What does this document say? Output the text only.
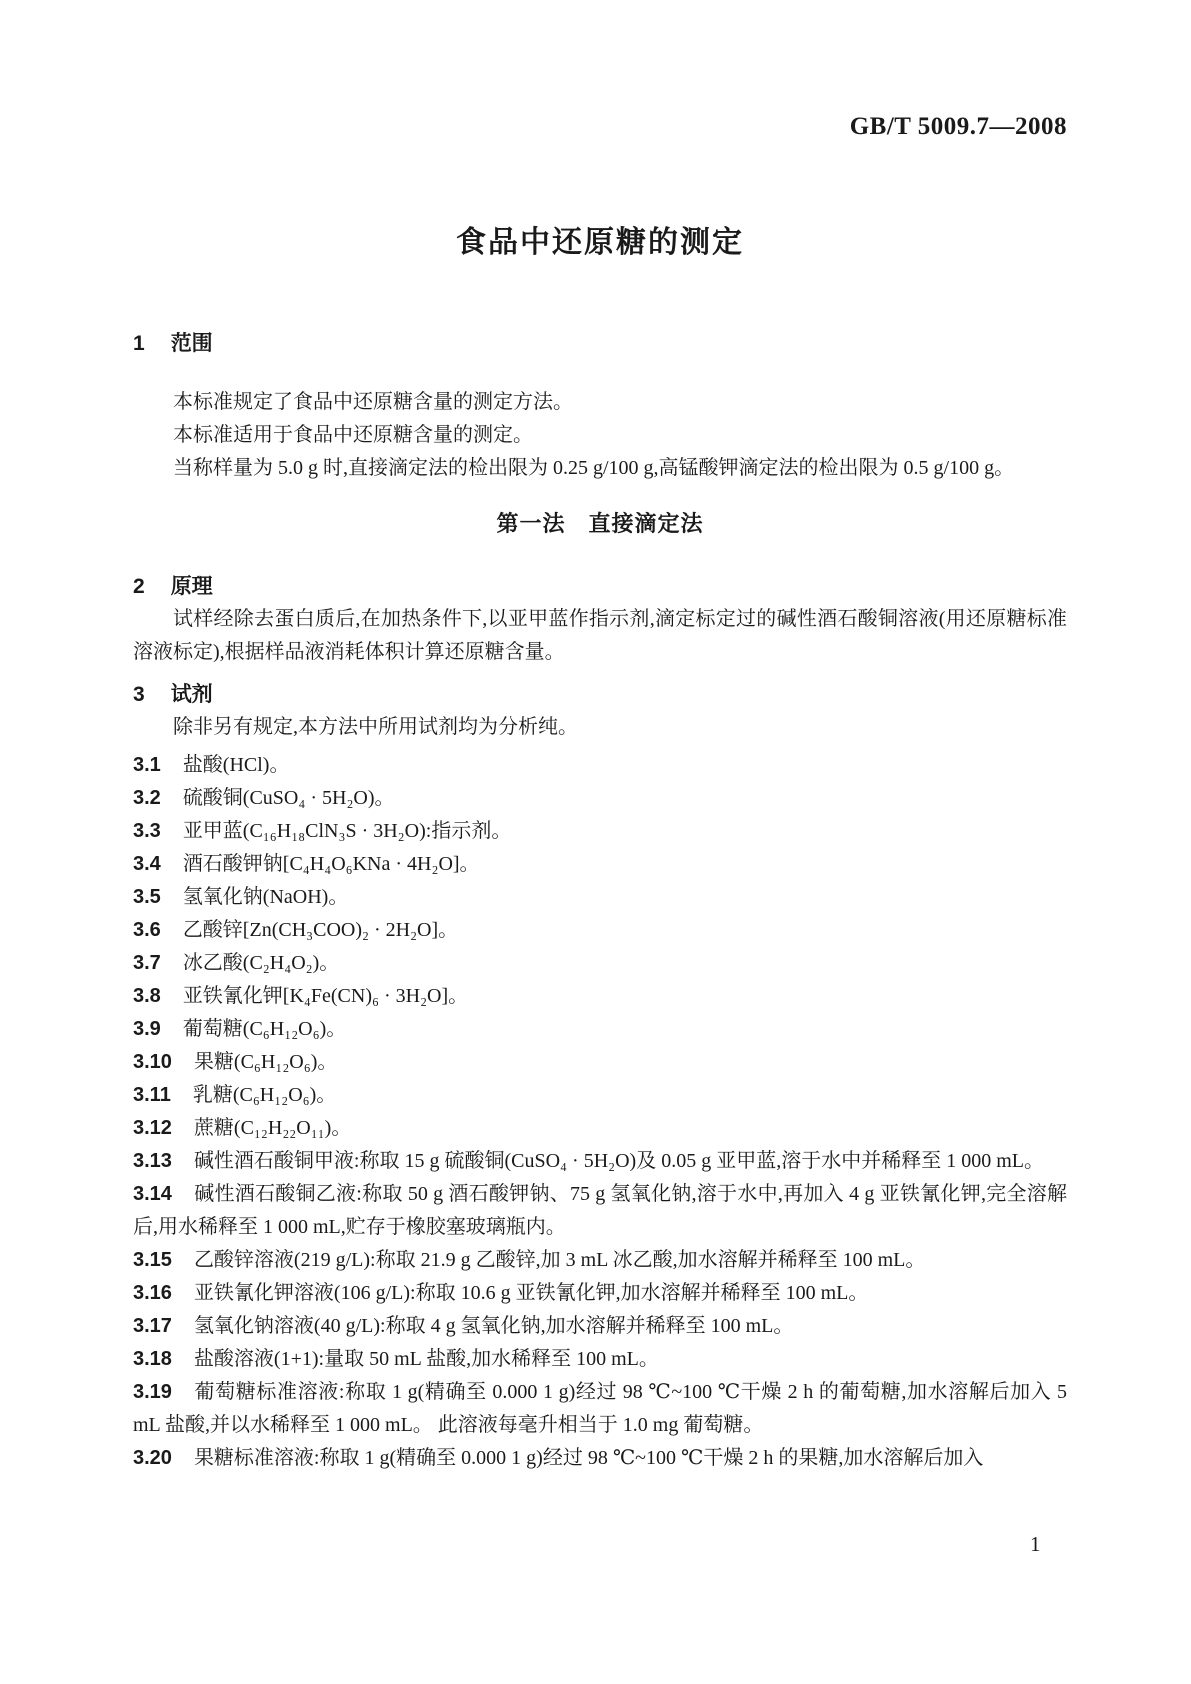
GB/T 5009.7—2008
食品中还原糖的测定
1 范围

本标准规定了食品中还原糖含量的测定方法。

本标准适用于食品中还原糖含量的测定。

当称样量为 5.0 g 时,直接滴定法的检出限为 0.25 g/100 g,高锰酸钾滴定法的检出限为 0.5 g/100 g。

第一法　直接滴定法
2 原理

试样经除去蛋白质后,在加热条件下,以亚甲蓝作指示剂,滴定标定过的碱性酒石酸铜溶液(用还原糖标准溶液标定),根据样品液消耗体积计算还原糖含量。

3 试剂

除非另有规定,本方法中所用试剂均为分析纯。

3.1 盐酸(HCl)。
3.2 硫酸铜(CuSO₄ · 5H₂O)。
3.3 亚甲蓝(C₁₆H₁₈ClN₃S · 3H₂O):指示剂。
3.4 酒石酸钾钠[C₄H₄O₆KNa · 4H₂O]。
3.5 氢氧化钠(NaOH)。
3.6 乙酸锌[Zn(CH₃COO)₂ · 2H₂O]。
3.7 冰乙酸(C₂H₄O₂)。
3.8 亚铁氰化钾[K₄Fe(CN)₆ · 3H₂O]。
3.9 葡萄糖(C₆H₁₂O₆)。
3.10 果糖(C₆H₁₂O₆)。
3.11 乳糖(C₆H₁₂O₆)。
3.12 蔗糖(C₁₂H₂₂O₁₁)。
3.13 碱性酒石酸铜甲液:称取 15 g 硫酸铜(CuSO₄ · 5H₂O)及 0.05 g 亚甲蓝,溶于水中并稀释至 1 000 mL。
3.14 碱性酒石酸铜乙液:称取 50 g 酒石酸钾钠、75 g 氢氧化钠,溶于水中,再加入 4 g 亚铁氰化钾,完全溶解后,用水稀释至 1 000 mL,贮存于橡胶塞玻璃瓶内。
3.15 乙酸锌溶液(219 g/L):称取 21.9 g 乙酸锌,加 3 mL 冰乙酸,加水溶解并稀释至 100 mL。
3.16 亚铁氰化钾溶液(106 g/L):称取 10.6 g 亚铁氰化钾,加水溶解并稀释至 100 mL。
3.17 氢氧化钠溶液(40 g/L):称取 4 g 氢氧化钠,加水溶解并稀释至 100 mL。
3.18 盐酸溶液(1+1):量取 50 mL 盐酸,加水稀释至 100 mL。
3.19 葡萄糖标准溶液:称取 1 g(精确至 0.000 1 g)经过 98 ℃~100 ℃干燥 2 h 的葡萄糖,加水溶解后加入 5 mL 盐酸,并以水稀释至 1 000 mL。 此溶液每毫升相当于 1.0 mg 葡萄糖。
3.20 果糖标准溶液:称取 1 g(精确至 0.000 1 g)经过 98 ℃~100 ℃干燥 2 h 的果糖,加水溶解后加入
1
